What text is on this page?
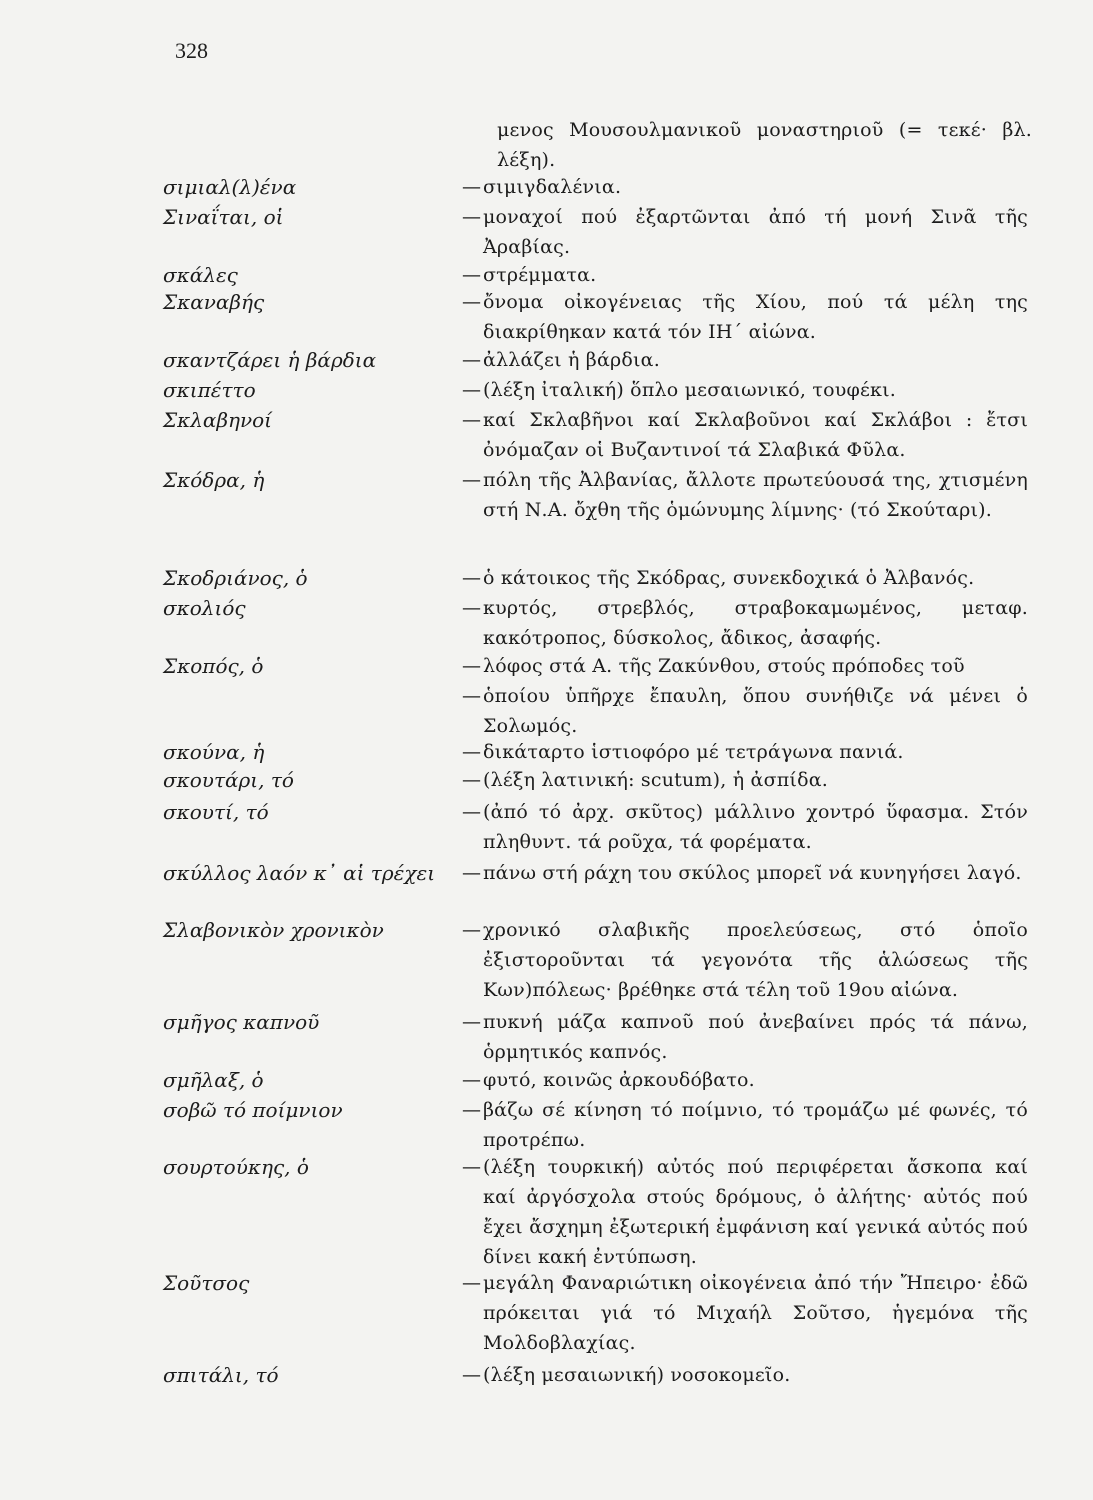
328
μενος Μουσουλμανικοῦ μοναστηριοῦ (= τεκέ· βλ. λέξη).
σιμιαλ(λ)ένα	— σιμιγδαλένια.
Σιναΐται, οἱ	— μοναχοί πού ἐξαρτῶνται ἀπό τή μονή Σινᾶ τῆς Ἀραβίας.
σκάλες	— στρέμματα.
Σκαναβής	— ὄνομα οἰκογένειας τῆς Χίου, πού τά μέλη της διακρίθηκαν κατά τόν ΙΗ΄ αἰώνα.
σκαντζάρει ἡ βάρδια	— ἀλλάζει ἡ βάρδια.
σκιπέττο	— (λέξη ἰταλική) ὅπλο μεσαιωνικό, τουφέκι.
Σκλαβηνοί	— καί Σκλαβῆνοι καί Σκλαβοῦνοι καί Σκλάβοι : ἔτσι ὀνόμαζαν οἱ Βυζαντινοί τά Σλαβικά Φῦλα.
Σκόδρα, ἡ	— πόλη τῆς Ἀλβανίας, ἄλλοτε πρωτεύουσά της, χτισμένη στή Ν.Α. ὄχθη τῆς ὁμώνυμης λίμνης· (τό Σκούταρι).
Σκοδριάνος, ὁ	— ὁ κάτοικος τῆς Σκόδρας, συνεκδοχικά ὁ Ἀλβανός.
σκολιός	— κυρτός, στρεβλός, στραβοκαμωμένος, μεταφ. κακότροπος, δύσκολος, ἄδικος, ἀσαφής.
Σκοπός, ὁ	— λόφος στά Α. τῆς Ζακύνθου, στούς πρόποδες τοῦ
— ὁποίου ὑπῆρχε ἔπαυλη, ὅπου συνήθιζε νά μένει ὁ Σολωμός.
σκούνα, ἡ	— δικάταρτο ἱστιοφόρο μέ τετράγωνα πανιά.
σκουτάρι, τό	— (λέξη λατινική: scutum), ἡ ἀσπίδα.
σκουτί, τό	— (ἀπό τό ἀρχ. σκῦτος) μάλλινο χοντρό ὕφασμα. Στόν πληθυντ. τά ροῦχα, τά φορέματα.
σκύλλος λαόν κ᾽ αἱ τρέχει	— πάνω στή ράχη του σκύλος μπορεῖ νά κυνηγήσει λαγό.
Σλαβονικὸν χρονικὸν	— χρονικό σλαβικῆς προελεύσεως, στό ὁποῖο ἐξιστοροῦνται τά γεγονότα τῆς ἁλώσεως τῆς Κων)πόλεως· βρέθηκε στά τέλη τοῦ 19ου αἰώνα.
σμῆγος καπνοῦ	— πυκνή μάζα καπνοῦ πού ἀνεβαίνει πρός τά πάνω, ὁρμητικός καπνός.
σμῆλαξ, ὁ	— φυτό, κοινῶς ἀρκουδόβατο.
σοβῶ τό ποίμνιον	— βάζω σέ κίνηση τό ποίμνιο, τό τρομάζω μέ φωνές, τό προτρέπω.
σουρτούκης, ὁ	— (λέξη τουρκική) αὐτός πού περιφέρεται ἄσκοπα καί καί ἀργόσχολα στούς δρόμους, ὁ ἀλήτης· αὐτός πού ἔχει ἄσχημη ἐξωτερική ἐμφάνιση καί γενικά αὐτός πού δίνει κακή ἐντύπωση.
Σοῦτσος	— μεγάλη Φαναριώτικη οἰκογένεια ἀπό τήν Ἤπειρο· ἐδῶ πρόκειται γιά τό Μιχαήλ Σοῦτσο, ἡγεμόνα τῆς Μολδοβλαχίας.
σπιτάλι, τό	— (λέξη μεσαιωνική) νοσοκομεῖο.
